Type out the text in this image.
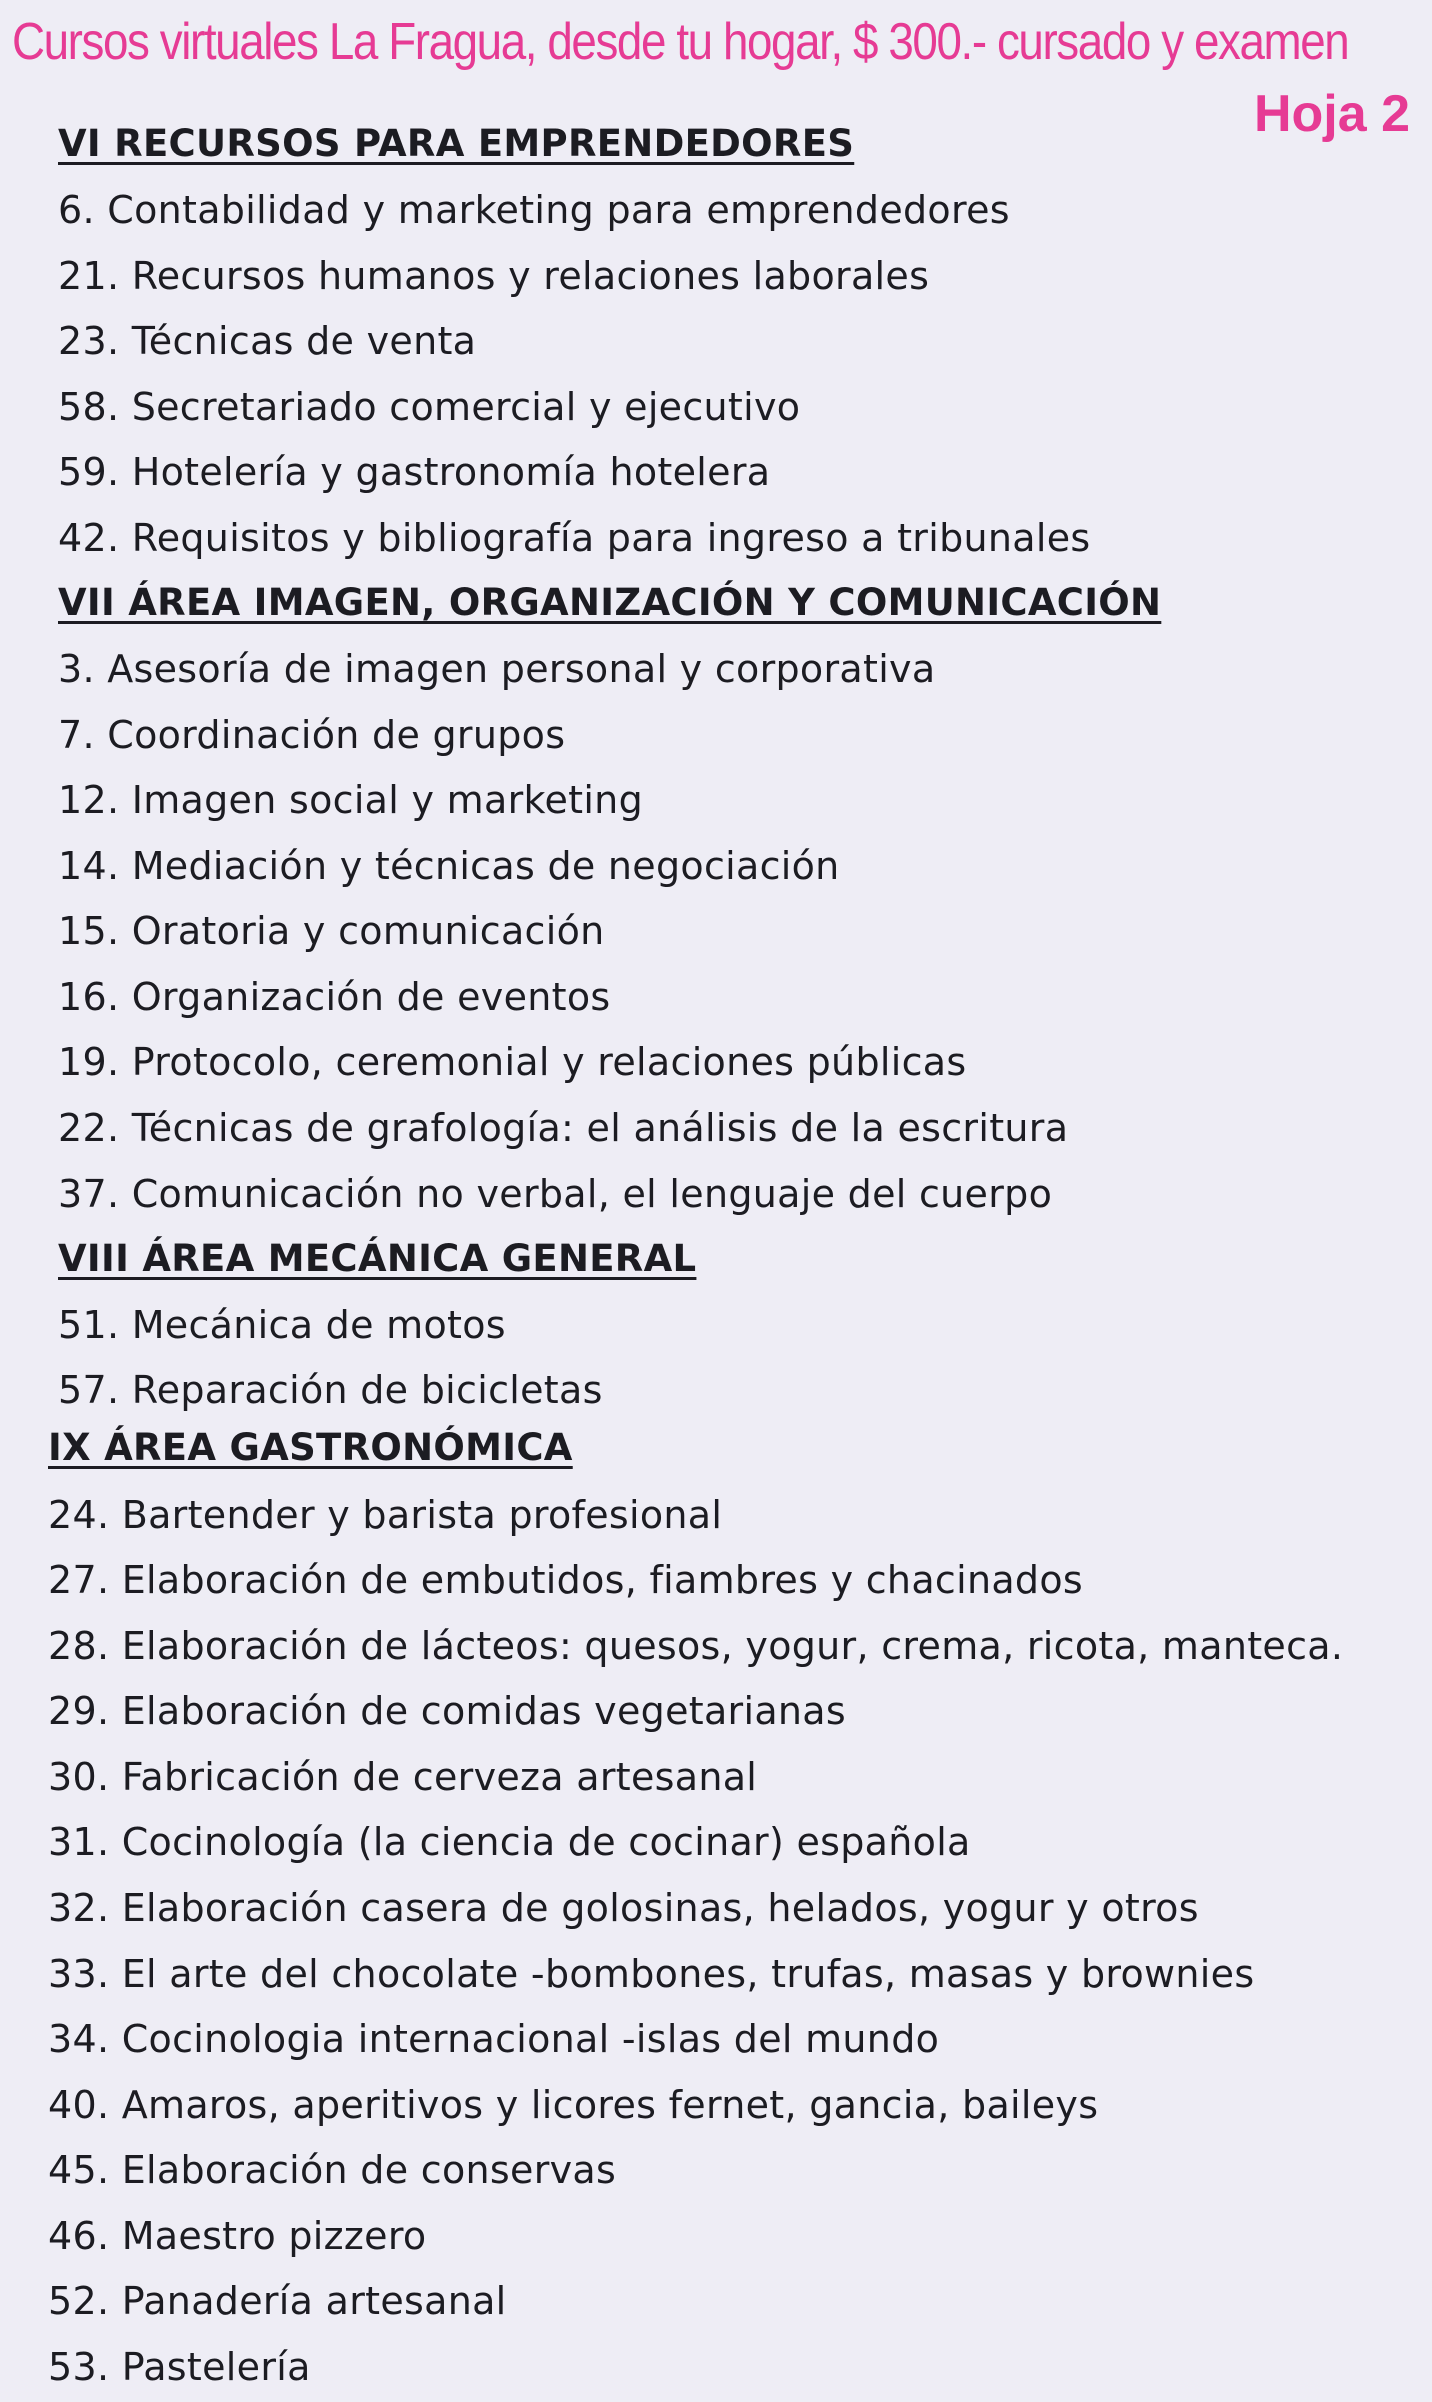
Cursos virtuales La Fragua, desde tu hogar, $ 300.- cursado y examen
Hoja 2
VI RECURSOS PARA EMPRENDEDORES
6. Contabilidad y marketing para emprendedores
21. Recursos humanos y relaciones laborales
23. Técnicas de venta
58. Secretariado comercial y ejecutivo
59. Hotelería y gastronomía hotelera
42. Requisitos y bibliografía para ingreso a tribunales
VII ÁREA IMAGEN, ORGANIZACIÓN Y COMUNICACIÓN
3. Asesoría de imagen personal y corporativa
7. Coordinación de grupos
12. Imagen social y marketing
14. Mediación y técnicas de negociación
15. Oratoria y comunicación
16. Organización de eventos
19. Protocolo, ceremonial y relaciones públicas
22. Técnicas de grafología: el análisis de la escritura
37. Comunicación no verbal, el lenguaje del cuerpo
VIII ÁREA MECÁNICA GENERAL
51. Mecánica de motos
57. Reparación de bicicletas
IX ÁREA GASTRONÓMICA
24. Bartender y barista profesional
27. Elaboración de embutidos, fiambres y chacinados
28. Elaboración de lácteos: quesos, yogur, crema, ricota, manteca.
29. Elaboración de comidas vegetarianas
30. Fabricación de cerveza artesanal
31. Cocinología (la ciencia de cocinar) española
32. Elaboración casera de golosinas, helados, yogur y otros
33. El arte del chocolate -bombones, trufas, masas y brownies
34. Cocinologia internacional -islas del mundo
40. Amaros, aperitivos y licores fernet, gancia, baileys
45. Elaboración de conservas
46. Maestro pizzero
52. Panadería artesanal
53. Pastelería
